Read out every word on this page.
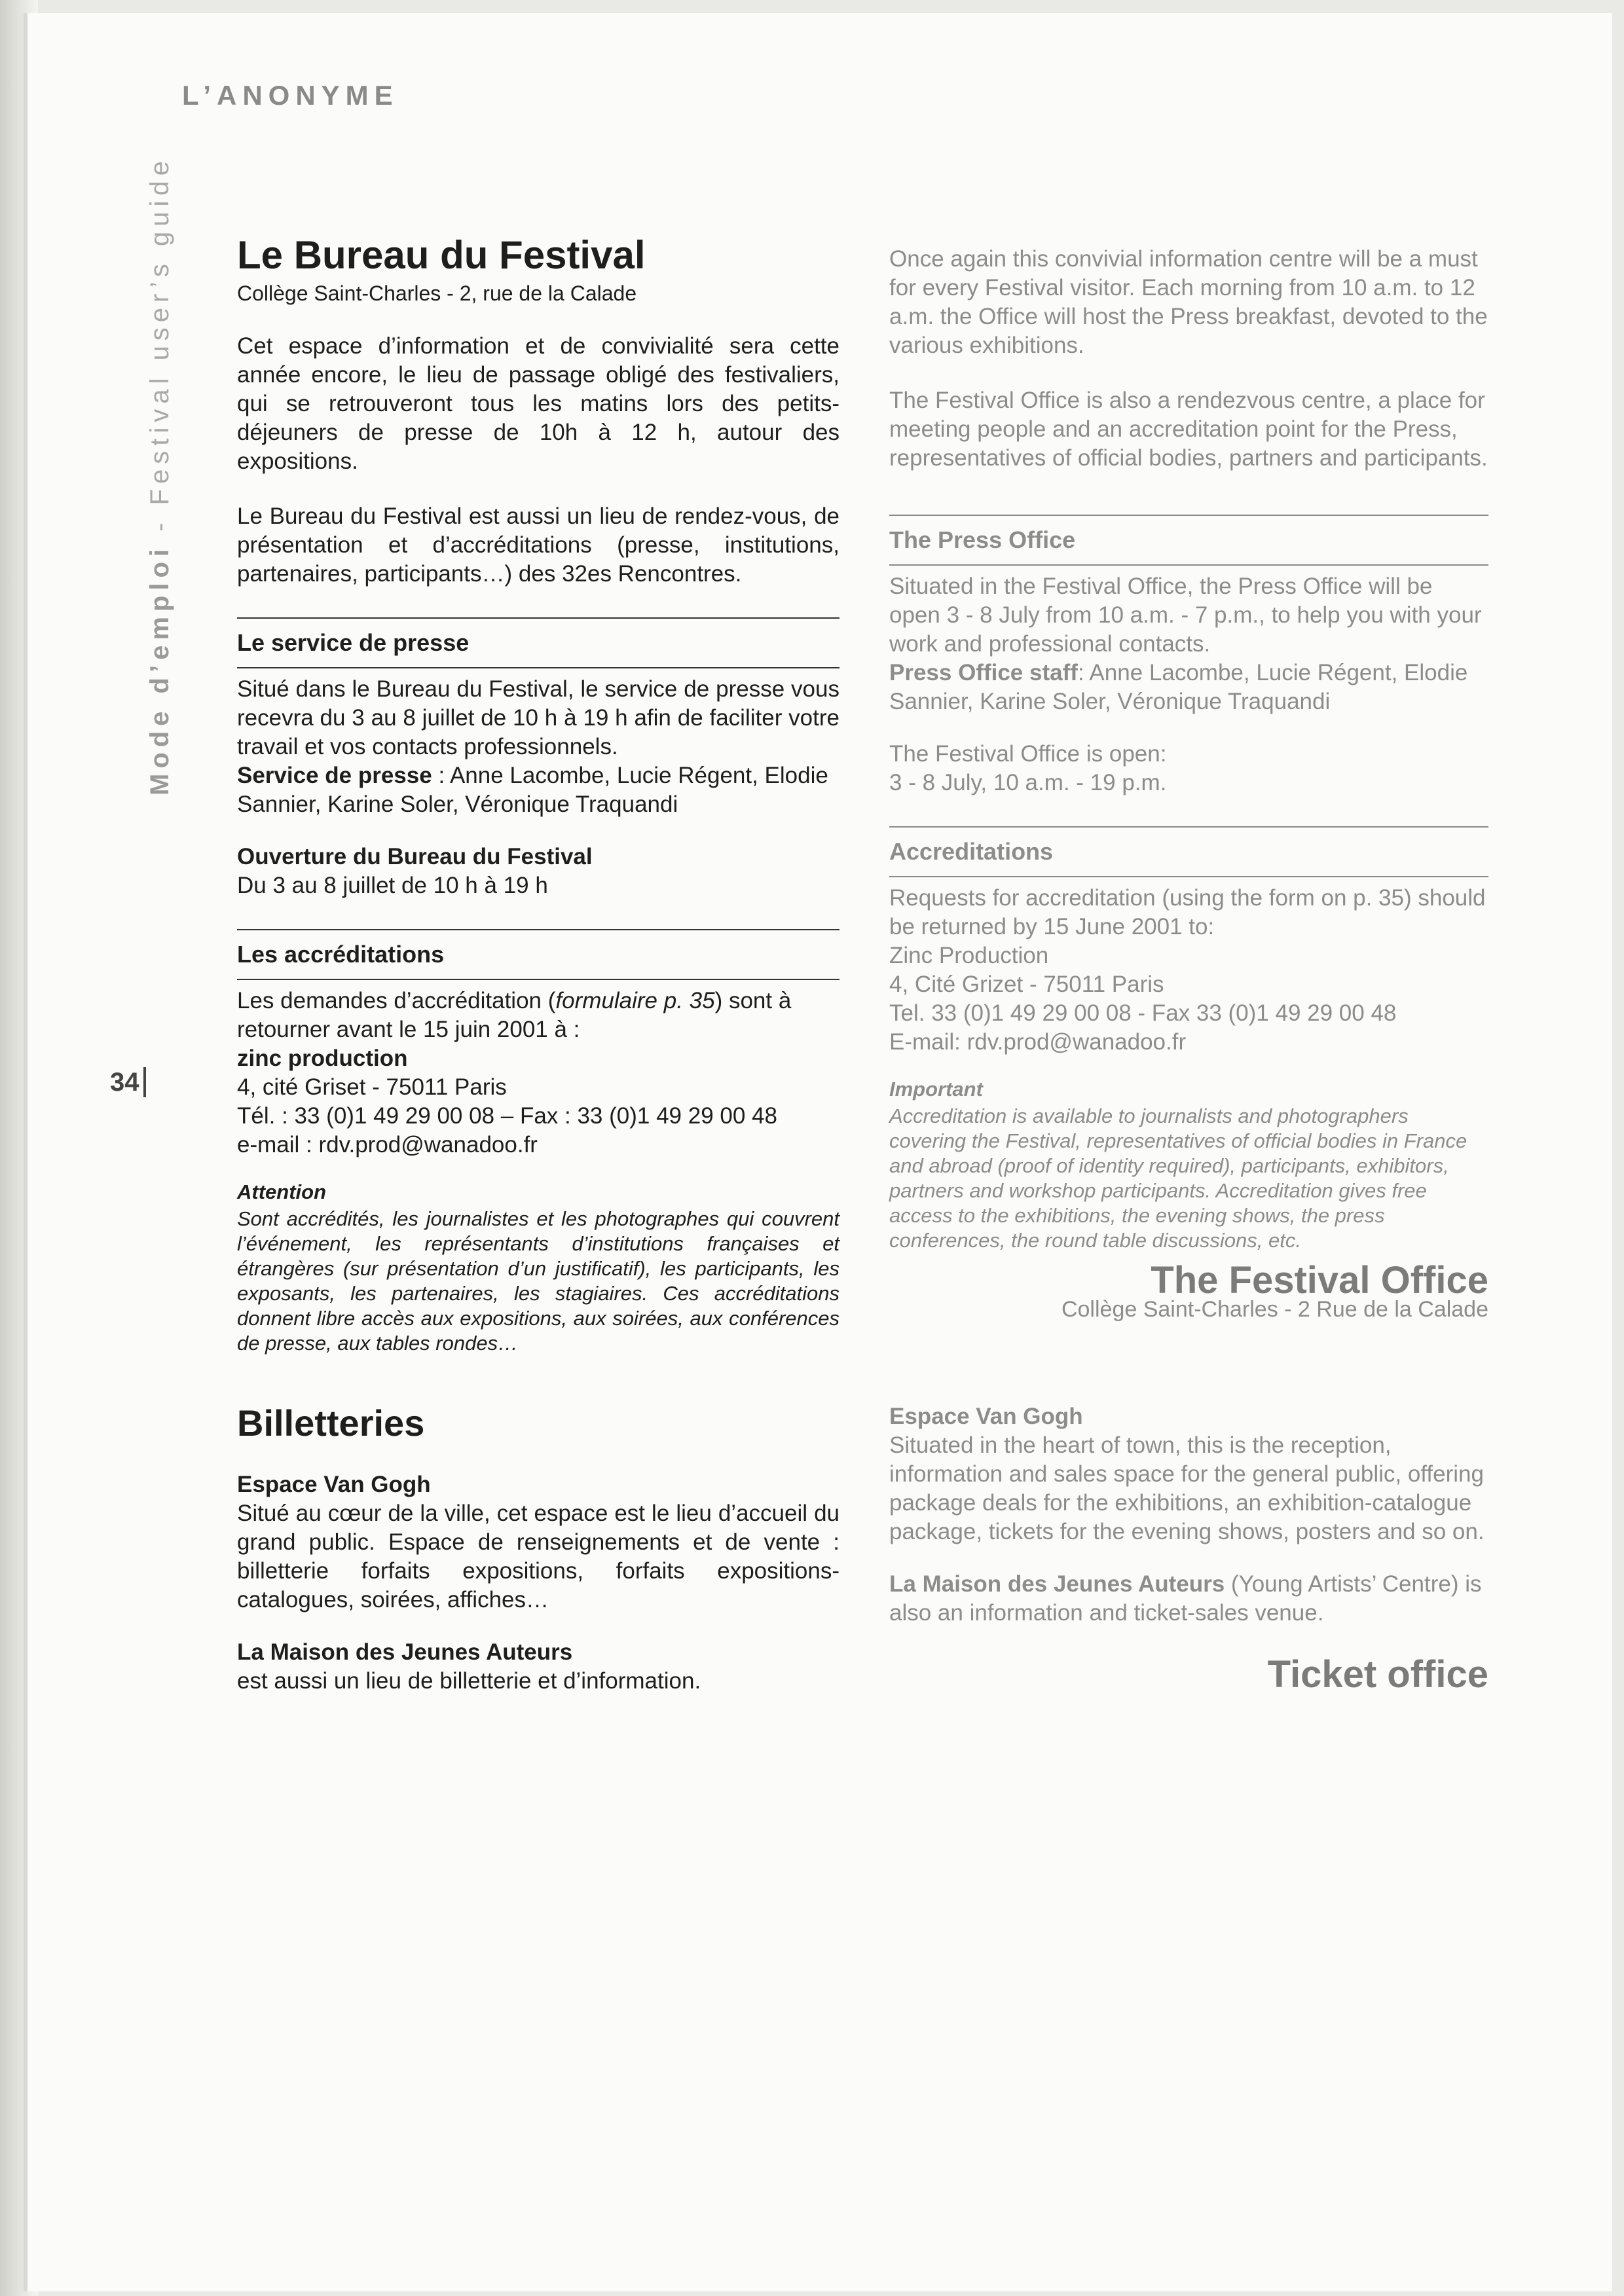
L’ANONYME
Mode d’emploi - Festival user’s guide
34
Le Bureau du Festival
Collège Saint-Charles - 2, rue de la Calade

Cet espace d’information et de convivialité sera cette année encore, le lieu de passage obligé des festivaliers, qui se retrouveront tous les matins lors des petits-déjeuners de presse de 10h à 12 h, autour des expositions.

Le Bureau du Festival est aussi un lieu de rendez-vous, de présentation et d’accréditations (presse, institutions, partenaires, participants…) des 32es Rencontres.

Le service de presse

Situé dans le Bureau du Festival, le service de presse vous recevra du 3 au 8 juillet de 10 h à 19 h afin de faciliter votre travail et vos contacts professionnels.

Service de presse : Anne Lacombe, Lucie Régent, Elodie Sannier, Karine Soler, Véronique Traquandi

Ouverture du Bureau du Festival

Du 3 au 8 juillet de 10 h à 19 h

Les accréditations

Les demandes d’accréditation (formulaire p. 35) sont à retourner avant le 15 juin 2001 à :

zinc production

4, cité Griset - 75011 Paris

Tél. : 33 (0)1 49 29 00 08 – Fax : 33 (0)1 49 29 00 48

e-mail : rdv.prod@wanadoo.fr

Attention

Sont accrédités, les journalistes et les photographes qui couvrent l’événement, les représentants d’institutions françaises et étrangères (sur présentation d’un justificatif), les participants, les exposants, les partenaires, les stagiaires. Ces accréditations donnent libre accès aux expositions, aux soirées, aux conférences de presse, aux tables rondes…

Billetteries

Espace Van Gogh

Situé au cœur de la ville, cet espace est le lieu d’accueil du grand public. Espace de renseignements et de vente : billetterie forfaits expositions, forfaits expositions-catalogues, soirées, affiches…

La Maison des Jeunes Auteurs

est aussi un lieu de billetterie et d’information.

Once again this convivial information centre will be a must for every Festival visitor. Each morning from 10 a.m. to 12 a.m. the Office will host the Press breakfast, devoted to the various exhibitions.

The Festival Office is also a rendezvous centre, a place for meeting people and an accreditation point for the Press, representatives of official bodies, partners and participants.

The Press Office

Situated in the Festival Office, the Press Office will be open 3 - 8 July from 10 a.m. - 7 p.m., to help you with your work and professional contacts.

Press Office staff: Anne Lacombe, Lucie Régent, Elodie Sannier, Karine Soler, Véronique Traquandi

The Festival Office is open:

3 - 8 July, 10 a.m. - 19 p.m.

Accreditations

Requests for accreditation (using the form on p. 35) should be returned by 15 June 2001 to:

Zinc Production

4, Cité Grizet - 75011 Paris

Tel. 33 (0)1 49 29 00 08 - Fax 33 (0)1 49 29 00 48

E-mail: rdv.prod@wanadoo.fr

Important

Accreditation is available to journalists and photographers covering the Festival, representatives of official bodies in France and abroad (proof of identity required), participants, exhibitors, partners and workshop participants. Accreditation gives free access to the exhibitions, the evening shows, the press conferences, the round table discussions, etc.

The Festival Office

Collège Saint-Charles - 2 Rue de la Calade

Espace Van Gogh

Situated in the heart of town, this is the reception, information and sales space for the general public, offering package deals for the exhibitions, an exhibition-catalogue package, tickets for the evening shows, posters and so on.

La Maison des Jeunes Auteurs (Young Artists’ Centre) is also an information and ticket-sales venue.

Ticket office
